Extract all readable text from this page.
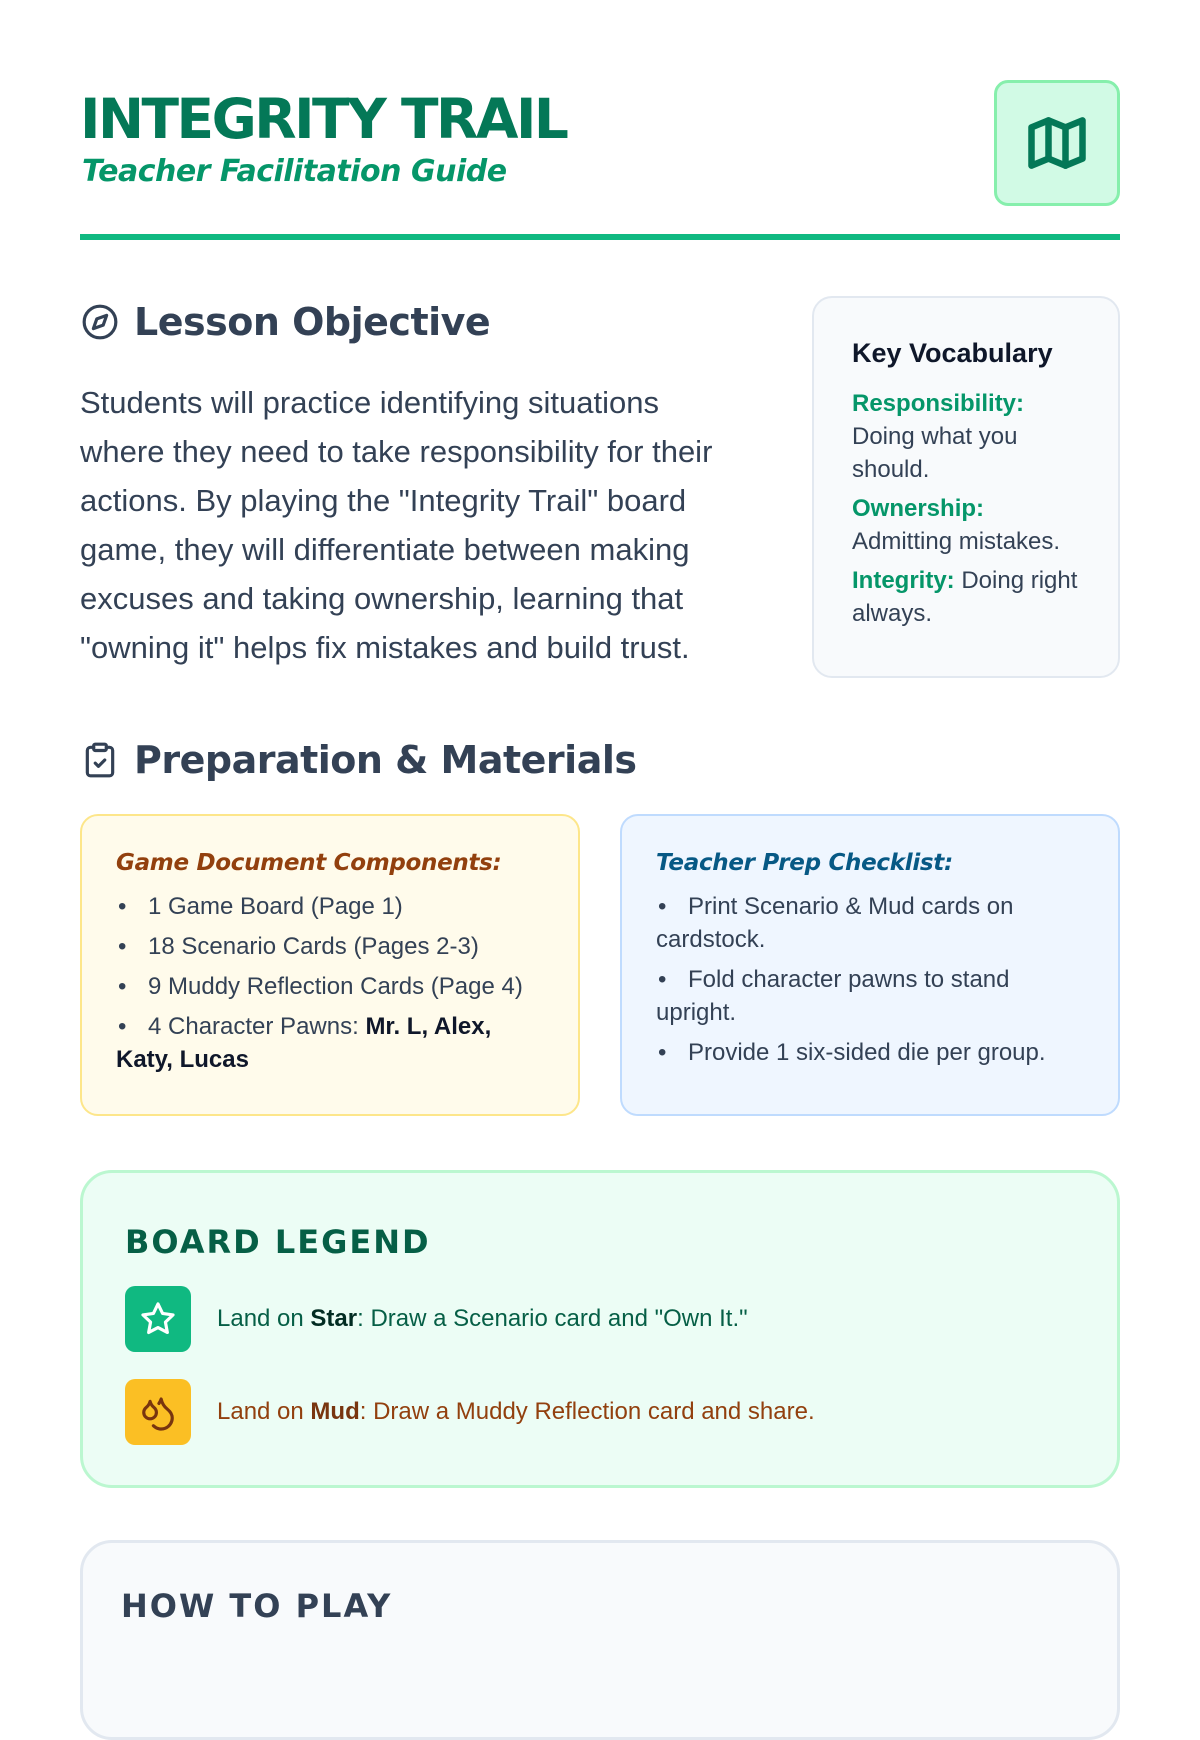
INTEGRITY TRAIL
Teacher Facilitation Guide
Lesson Objective

Students will practice identifying situations where they need to take responsibility for their actions. By playing the "Integrity Trail" board game, they will differentiate between making excuses and taking ownership, learning that "owning it" helps fix mistakes and build trust.

Key Vocabulary
Responsibility: Doing what you should.
Ownership: Admitting mistakes.
Integrity: Doing right always.
Preparation & Materials
Game Document Components:
• 1 Game Board (Page 1)
• 18 Scenario Cards (Pages 2-3)
• 9 Muddy Reflection Cards (Page 4)
• 4 Character Pawns: Mr. L, Alex, Katy, Lucas
Teacher Prep Checklist:
• Print Scenario & Mud cards on cardstock.
• Fold character pawns to stand upright.
• Provide 1 six-sided die per group.
BOARD LEGEND
Land on Star: Draw a Scenario card and "Own It."
Land on Mud: Draw a Muddy Reflection card and share.
HOW TO PLAY
